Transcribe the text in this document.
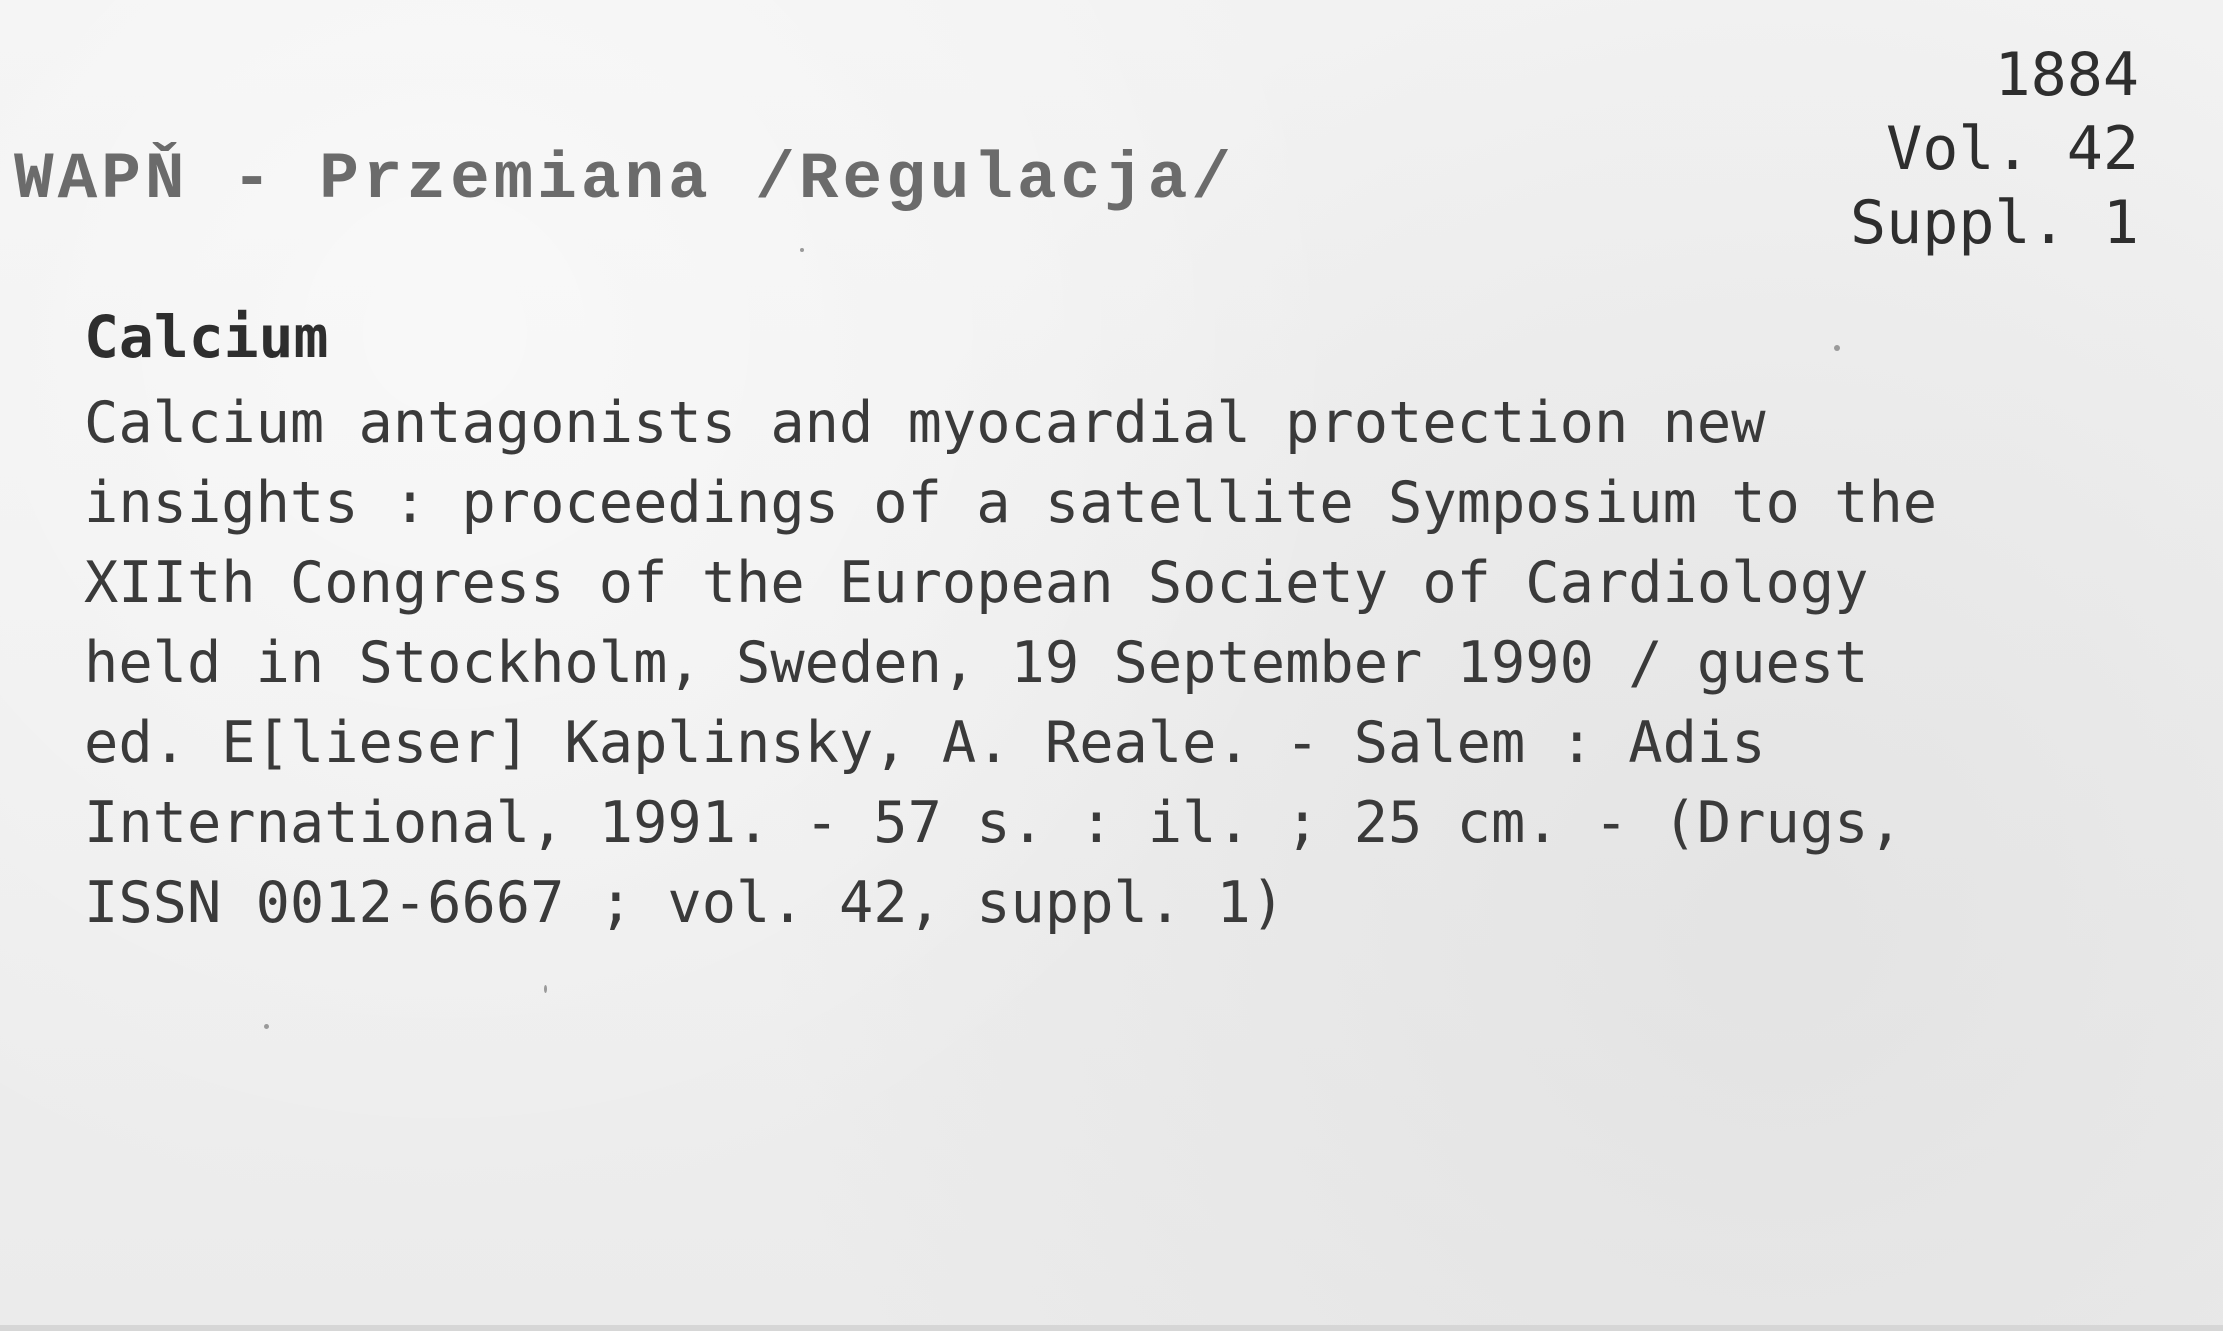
WAPŇ - Przemiana /Regulacja/
1884
Vol. 42
Suppl. 1
Calcium
Calcium antagonists and myocardial protection new
insights : proceedings of a satellite Symposium to the
XIIth Congress of the European Society of Cardiology
held in Stockholm, Sweden, 19 September 1990 / guest
ed. E[lieser] Kaplinsky, A. Reale. - Salem : Adis
International, 1991. - 57 s. : il. ; 25 cm. - (Drugs,
ISSN 0012-6667 ; vol. 42, suppl. 1)
